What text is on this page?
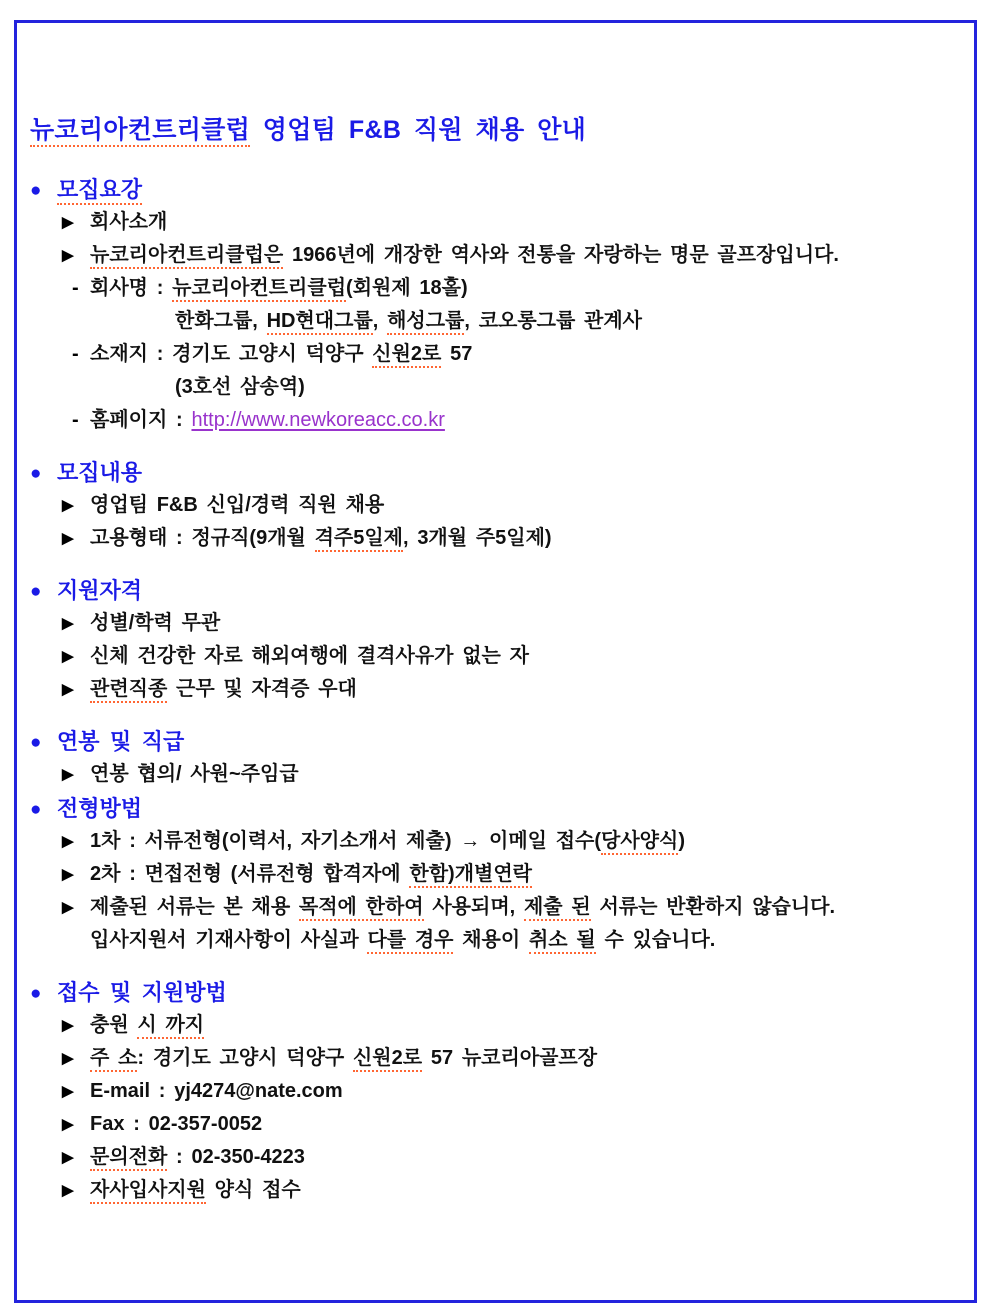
뉴코리아컨트리클럽 영업팀 F&B 직원 채용 안내
● 모집요강
▶ 회사소개
▶ 뉴코리아컨트리클럽은 1966년에 개장한 역사와 전통을 자랑하는 명문 골프장입니다.
- 회사명 : 뉴코리아컨트리클럽(회원제 18홀)
한화그룹, HD현대그룹, 해성그룹, 코오롱그룹 관계사
- 소재지 : 경기도 고양시 덕양구 신원2로 57
(3호선 삼송역)
- 홈페이지 : http://www.newkoreacc.co.kr
● 모집내용
▶ 영업팀 F&B 신입/경력 직원 채용
▶ 고용형태 : 정규직(9개월 격주5일제, 3개월 주5일제)
● 지원자격
▶ 성별/학력 무관
▶ 신체 건강한 자로 해외여행에 결격사유가 없는 자
▶ 관련직종 근무 및 자격증 우대
● 연봉 및 직급
▶ 연봉 협의/ 사원~주임급
● 전형방법
▶ 1차 : 서류전형(이력서, 자기소개서 제출) → 이메일 접수(당사양식)
▶ 2차 : 면접전형 (서류전형 합격자에 한함)개별연락
▶ 제출된 서류는 본 채용 목적에 한하여 사용되며, 제출 된 서류는 반환하지 않습니다.
입사지원서 기재사항이 사실과 다를 경우 채용이 취소 될 수 있습니다.
● 접수 및 지원방법
▶ 충원 시 까지
▶ 주 소: 경기도 고양시 덕양구 신원2로 57 뉴코리아골프장
▶ E-mail : yj4274@nate.com
▶ Fax : 02-357-0052
▶ 문의전화 : 02-350-4223
▶ 자사입사지원 양식 접수
